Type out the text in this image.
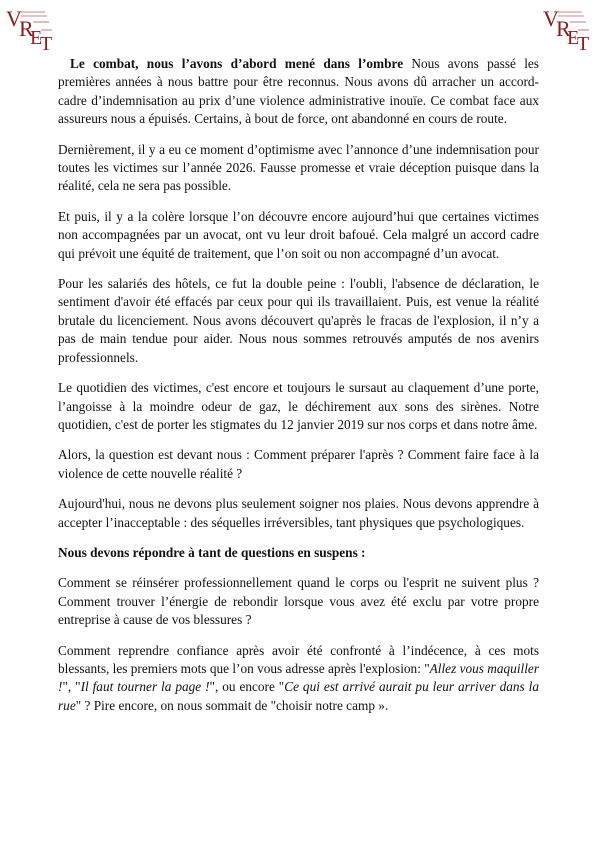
V
R
E
T
V
R
E
T

Le combat, nous l’avons d’abord mené dans l’ombre Nous avons passé les premières années à nous battre pour être reconnus. Nous avons dû arracher un accord-cadre d’indemnisation au prix d’une violence administrative inouïe. Ce combat face aux assureurs nous a épuisés. Certains, à bout de force, ont abandonné en cours de route.

Dernièrement, il y a eu ce moment d’optimisme avec l’annonce d’une indemnisation pour toutes les victimes sur l’année 2026. Fausse promesse et vraie déception puisque dans la réalité, cela ne sera pas possible.

Et puis, il y a la colère lorsque l’on découvre encore aujourd’hui que certaines victimes non accompagnées par un avocat, ont vu leur droit bafoué. Cela malgré un accord cadre qui prévoit une équité de traitement, que l’on soit ou non accompagné d’un avocat.

Pour les salariés des hôtels, ce fut la double peine : l'oubli, l'absence de déclaration, le sentiment d'avoir été effacés par ceux pour qui ils travaillaient. Puis, est venue la réalité brutale du licenciement. Nous avons découvert qu'après le fracas de l'explosion, il n’y a pas de main tendue pour aider. Nous nous sommes retrouvés amputés de nos avenirs professionnels.

Le quotidien des victimes, c'est encore et toujours le sursaut au claquement d’une porte, l’angoisse à la moindre odeur de gaz, le déchirement aux sons des sirènes. Notre quotidien, c'est de porter les stigmates du 12 janvier 2019 sur nos corps et dans notre âme.

Alors, la question est devant nous : Comment préparer l'après ? Comment faire face à la violence de cette nouvelle réalité ?

Aujourd'hui, nous ne devons plus seulement soigner nos plaies. Nous devons apprendre à accepter l’inacceptable : des séquelles irréversibles, tant physiques que psychologiques.

Nous devons répondre à tant de questions en suspens :

Comment se réinsérer professionnellement quand le corps ou l'esprit ne suivent plus ? Comment trouver l’énergie de rebondir lorsque vous avez été exclu par votre propre entreprise à cause de vos blessures ?

Comment reprendre confiance après avoir été confronté à l’indécence, à ces mots blessants, les premiers mots que l’on vous adresse après l'explosion: "Allez vous maquiller !", "Il faut tourner la page !", ou encore "Ce qui est arrivé aurait pu leur arriver dans la rue" ? Pire encore, on nous sommait de "choisir notre camp ».
